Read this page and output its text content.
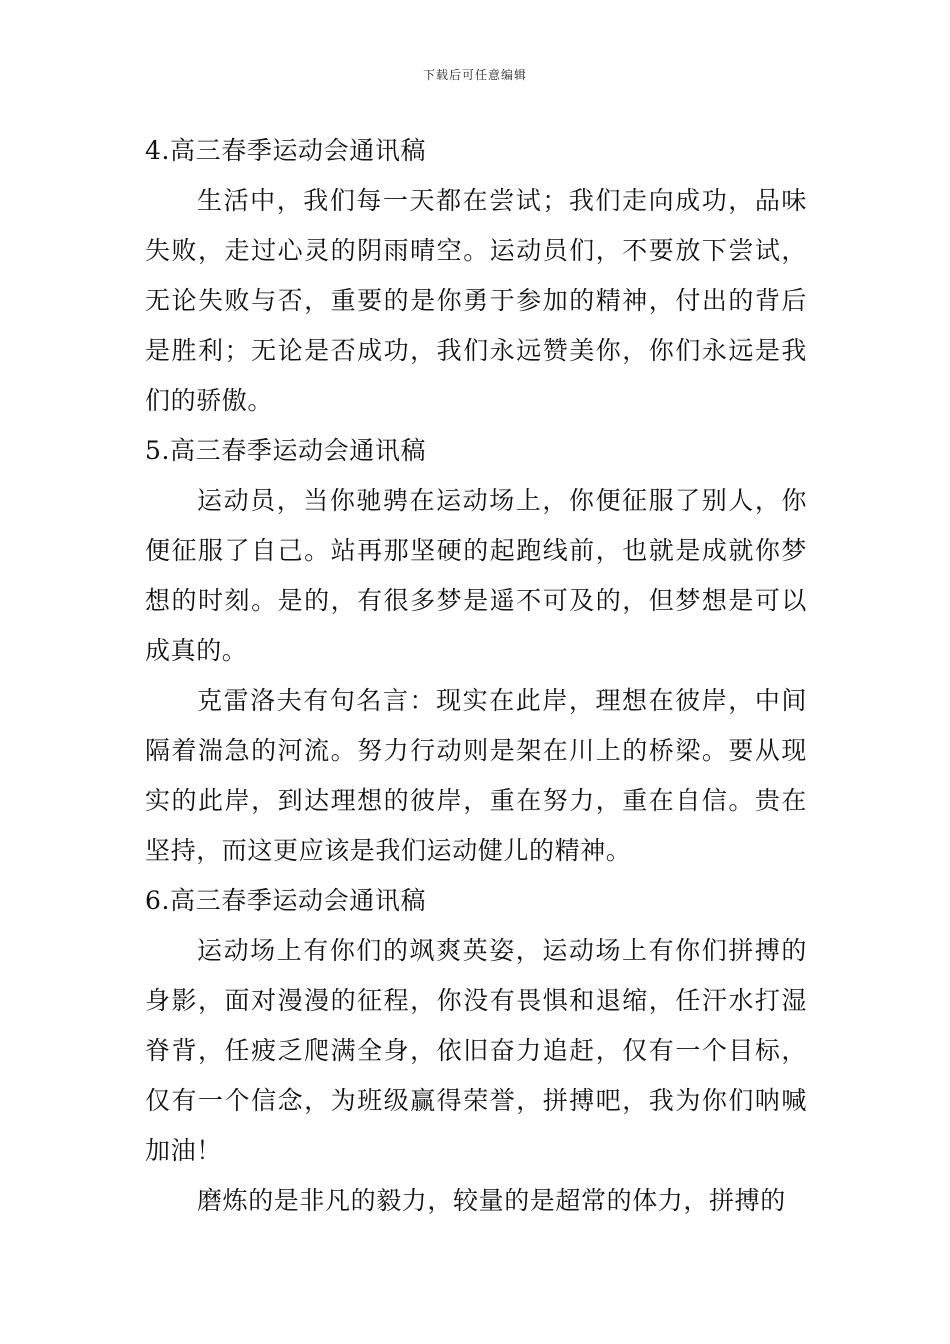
下载后可任意编辑

4.高三春季运动会通讯稿

生活中，我们每一天都在尝试；我们走向成功，品味失败，走过心灵的阴雨晴空。运动员们，不要放下尝试，无论失败与否，重要的是你勇于参加的精神，付出的背后是胜利；无论是否成功，我们永远赞美你，你们永远是我们的骄傲。

5.高三春季运动会通讯稿

运动员，当你驰骋在运动场上，你便征服了别人，你便征服了自己。站再那坚硬的起跑线前，也就是成就你梦想的时刻。是的，有很多梦是遥不可及的，但梦想是可以成真的。

克雷洛夫有句名言：现实在此岸，理想在彼岸，中间隔着湍急的河流。努力行动则是架在川上的桥梁。要从现实的此岸，到达理想的彼岸，重在努力，重在自信。贵在坚持，而这更应该是我们运动健儿的精神。

6.高三春季运动会通讯稿

运动场上有你们的飒爽英姿，运动场上有你们拼搏的身影，面对漫漫的征程，你没有畏惧和退缩，任汗水打湿脊背，任疲乏爬满全身，依旧奋力追赶，仅有一个目标，仅有一个信念，为班级赢得荣誉，拼搏吧，我为你们呐喊加油！

磨炼的是非凡的毅力，较量的是超常的体力，拼搏的
